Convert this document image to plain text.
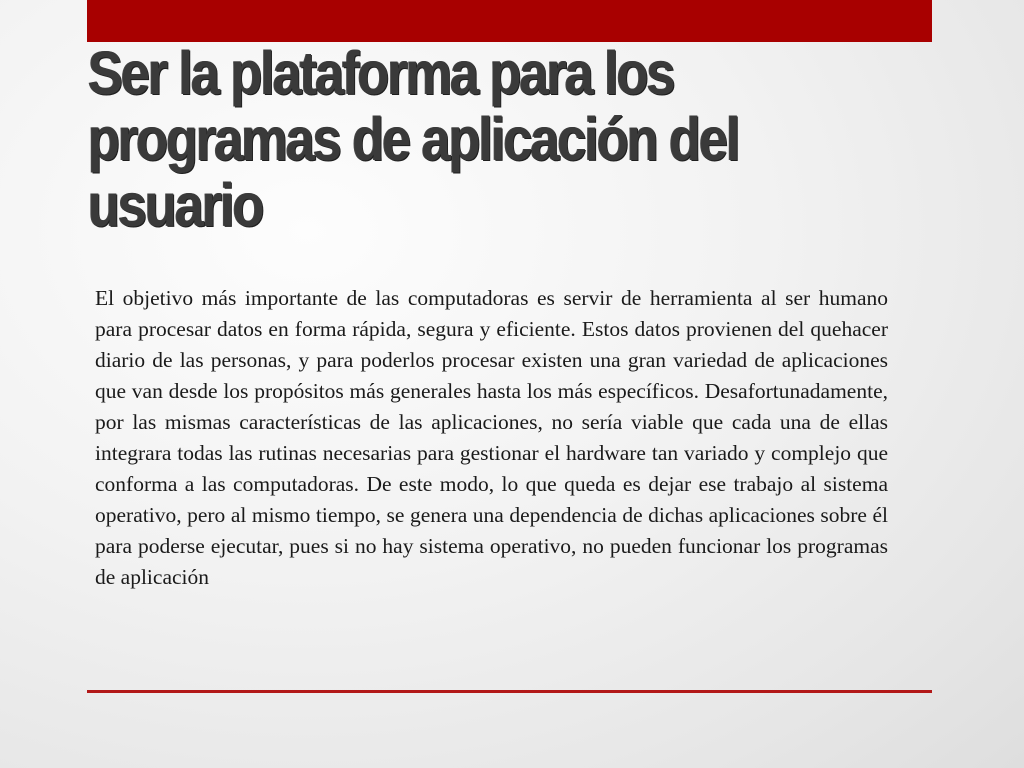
Ser la plataforma para los programas de aplicación del usuario

El objetivo más importante de las computadoras es servir de herramienta al ser humano para procesar datos en forma rápida, segura y eficiente. Estos datos provienen del quehacer diario de las personas, y para poderlos procesar existen una gran variedad de aplicaciones que van desde los propósitos más generales hasta los más específicos. Desafortunadamente, por las mismas características de las aplicaciones, no sería viable que cada una de ellas integrara todas las rutinas necesarias para gestionar el hardware tan variado y complejo que conforma a las computadoras. De este modo, lo que queda es dejar ese trabajo al sistema operativo, pero al mismo tiempo, se genera una dependencia de dichas aplicaciones sobre él para poderse ejecutar, pues si no hay sistema operativo, no pueden funcionar los programas de aplicación
